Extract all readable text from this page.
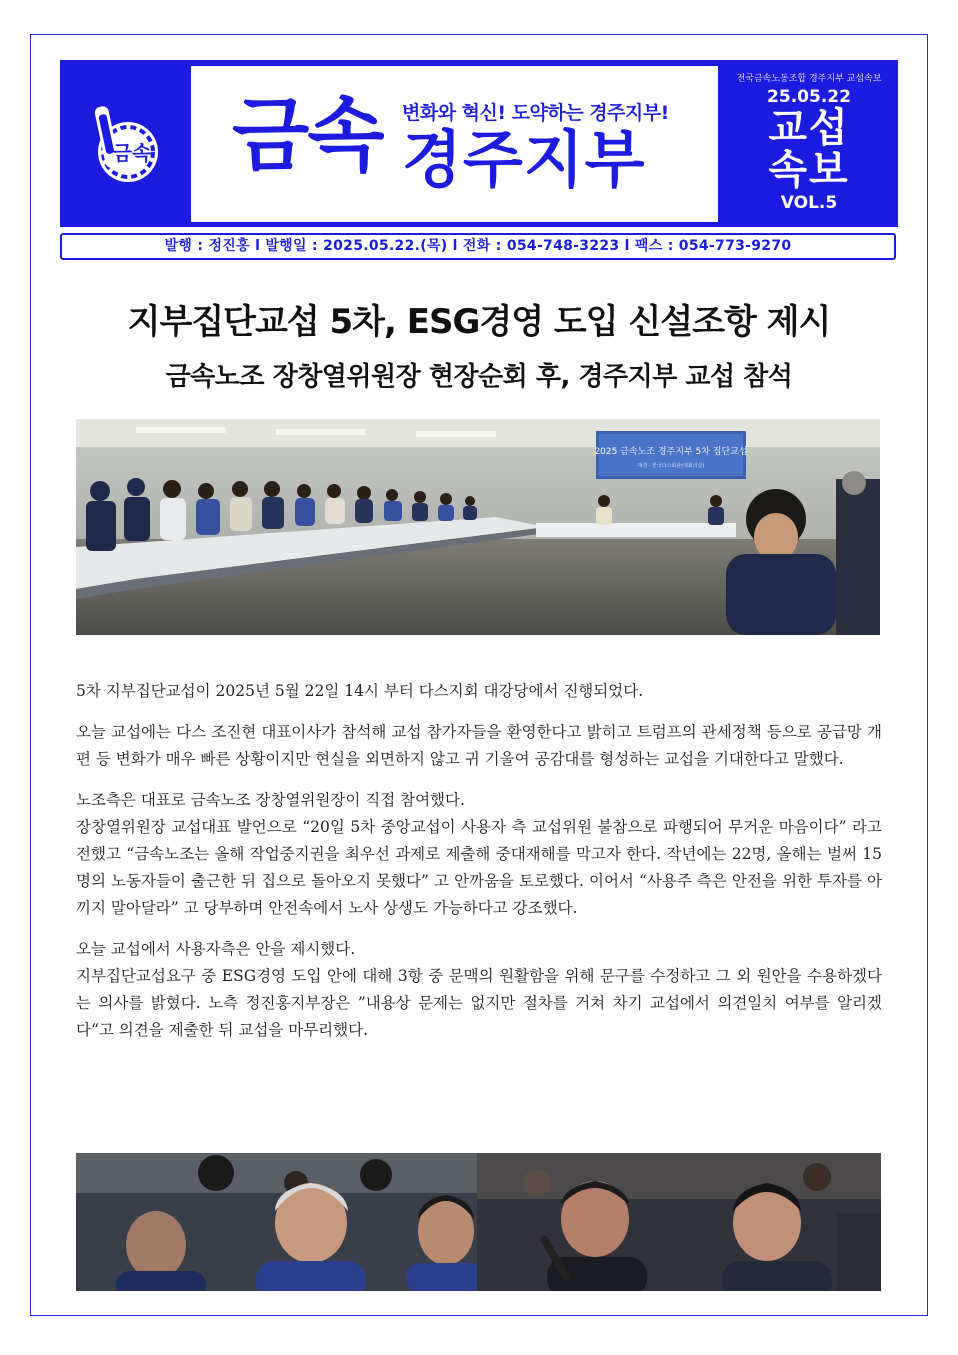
금속 금속 변화와 혁신! 도약하는 경주지부!
경주지부
전국금속노동조합 경주지부 교섭속보
25.05.22
교섭
속보
VOL.5
발행 : 정진홍 l 발행일 : 2025.05.22.(목) l 전화 : 054-748-3223 l 팩스 : 054-773-9270
지부집단교섭 5차, ESG경영 도입 신설조항 제시
금속노조 장창열위원장 현장순회 후, 경주지부 교섭 참석
2025 금속노조 경주지부 5차 집단교섭
대경 · 한국다스회관(대회의실)

5차 지부집단교섭이 2025년 5월 22일 14시 부터 다스지회 대강당에서 진행되었다.

오늘 교섭에는 다스 조진현 대표이사가 참석해 교섭 참가자들을 환영한다고 밝히고 트럼프의 관세정책 등으로 공급망 개편 등 변화가 매우 빠른 상황이지만 현실을 외면하지 않고 귀 기울여 공감대를 형성하는 교섭을 기대한다고 말했다.

노조측은 대표로 금속노조 장창열위원장이 직접 참여했다.

장창열위원장 교섭대표 발언으로 “20일 5차 중앙교섭이 사용자 측 교섭위원 불참으로 파행되어 무거운 마음이다” 라고 전했고 “금속노조는 올해 작업중지권을 최우선 과제로 제출해 중대재해를 막고자 한다. 작년에는 22명, 올해는 벌써 15명의 노동자들이 출근한 뒤 집으로 돌아오지 못했다” 고 안까움을 토로했다. 이어서 “사용주 측은 안전을 위한 투자를 아끼지 말아달라” 고 당부하며 안전속에서 노사 상생도 가능하다고 강조했다.

오늘 교섭에서 사용자측은 안을 제시했다.

지부집단교섭요구 중 ESG경영 도입 안에 대해 3항 중 문맥의 원활함을 위해 문구를 수정하고 그 외 원안을 수용하겠다는 의사를 밝혔다. 노측 정진홍지부장은 ”내용상 문제는 없지만 절차를 거쳐 차기 교섭에서 의견일치 여부를 알리겠다“고 의견을 제출한 뒤 교섭을 마무리했다.
